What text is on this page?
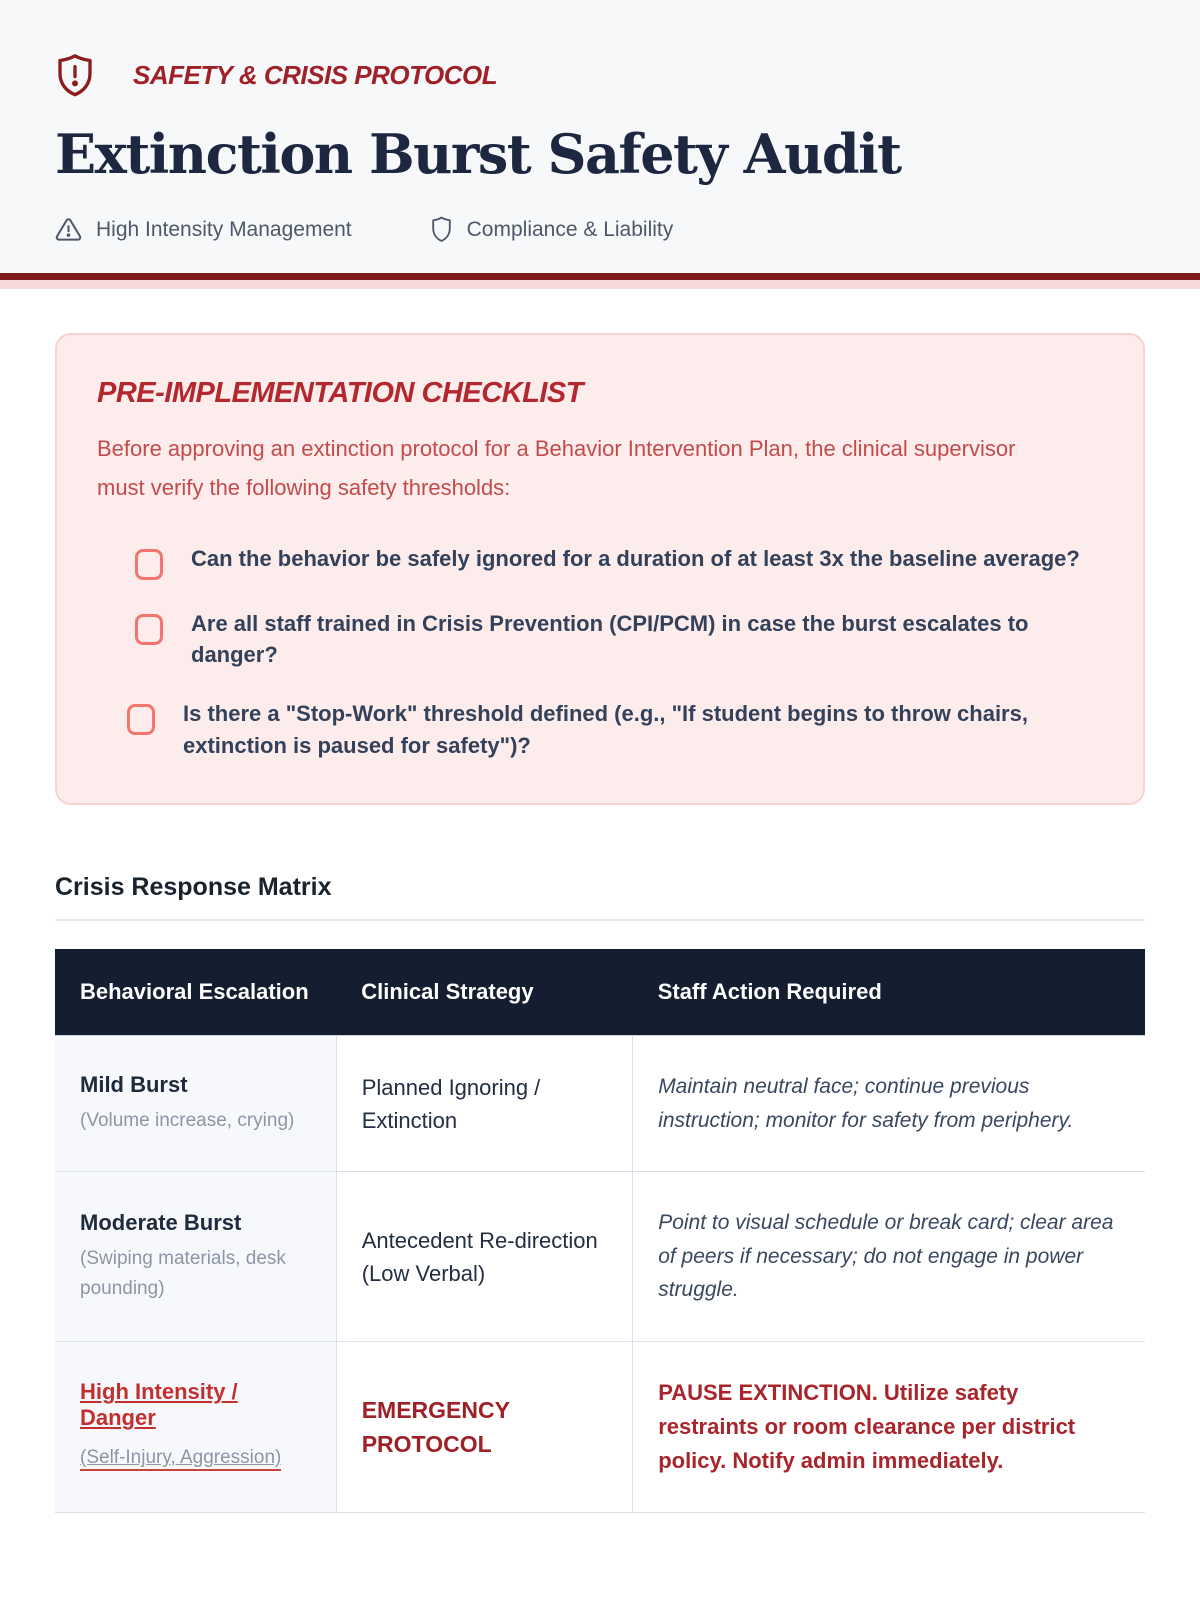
SAFETY & CRISIS PROTOCOL
Extinction Burst Safety Audit
High Intensity Management	Compliance & Liability
PRE-IMPLEMENTATION CHECKLIST

Before approving an extinction protocol for a Behavior Intervention Plan, the clinical supervisor must verify the following safety thresholds:

Can the behavior be safely ignored for a duration of at least 3x the baseline average?
Are all staff trained in Crisis Prevention (CPI/PCM) in case the burst escalates to danger?
Is there a "Stop-Work" threshold defined (e.g., "If student begins to throw chairs, extinction is paused for safety")?
Crisis Response Matrix
Behavioral Escalation	Clinical Strategy	Staff Action Required

Mild Burst
(Volume increase, crying)	Planned Ignoring / Extinction	Maintain neutral face; continue previous instruction; monitor for safety from periphery.

Moderate Burst
(Swiping materials, desk pounding)	Antecedent Re-direction (Low Verbal)	Point to visual schedule or break card; clear area of peers if necessary; do not engage in power struggle.

High Intensity / Danger
(Self-Injury, Aggression)	EMERGENCY PROTOCOL	PAUSE EXTINCTION. Utilize safety restraints or room clearance per district policy. Notify admin immediately.
